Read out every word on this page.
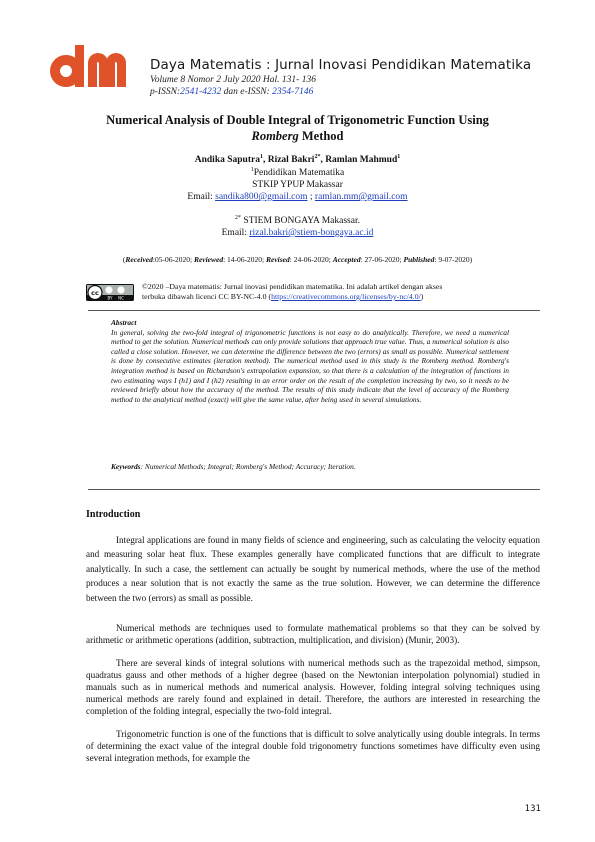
Daya Matematis : Jurnal Inovasi Pendidikan Matematika
Volume 8 Nomor 2 July 2020 Hal. 131- 136
p-ISSN:2541-4232 dan e-ISSN: 2354-7146
Numerical Analysis of Double Integral of Trigonometric Function Using
Romberg Method
Andika Saputra$^1$, Rizal Bakri$^{2*}$, Ramlan Mahmud$^1$
$^1$Pendidikan Matematika
STKIP YPUP Makassar
Email: sandika800@gmail.com ; ramlan.mm@gmail.com
$^{2*}$ STIEM BONGAYA Makassar.
Email: rizal.bakri@stiem-bongaya.ac.id
(Received:05-06-2020; Reviewed: 14-06-2020; Revised: 24-06-2020; Accepted: 27-06-2020; Published: 9-07-2020)
cc
BY NC
©2020 –Daya matematis: Jurnal inovasi pendidikan matematika. Ini adalah artikel dengan akses
terbuka dibawah licenci CC BY-NC-4.0 (https://creativecommons.org/licenses/by-nc/4.0/)
Abstract
In general, solving the two-fold integral of trigonometric functions is not easy to do analytically. Therefore, we need a numerical method to get the solution. Numerical methods can only provide solutions that approach true value. Thus, a numerical solution is also called a close solution. However, we can determine the difference between the two (errors) as small as possible. Numerical settlement is done by consecutive estimates (iteration method). The numerical method used in this study is the Romberg method. Romberg's integration method is based on Richardson's extrapolation expansion, so that there is a calculation of the integration of functions in two estimating ways I (h1) and I (h2) resulting in an error order on the result of the completion increasing by two, so it needs to be reviewed briefly about how the accuracy of the method. The results of this study indicate that the level of accuracy of the Romberg method to the analytical method (exact) will give the same value, after being used in several simulations.
Keywords: Numerical Methods; Integral; Romberg's Method; Accuracy; Iteration.
Introduction

Integral applications are found in many fields of science and engineering, such as calculating the velocity equation and measuring solar heat flux. These examples generally have complicated functions that are difficult to integrate analytically. In such a case, the settlement can actually be sought by numerical methods, where the use of the method produces a near solution that is not exactly the same as the true solution. However, we can determine the difference between the two (errors) as small as possible.

Numerical methods are techniques used to formulate mathematical problems so that they can be solved by arithmetic or arithmetic operations (addition, subtraction, multiplication, and division) (Munir, 2003).

There are several kinds of integral solutions with numerical methods such as the trapezoidal method, simpson, quadratus gauss and other methods of a higher degree (based on the Newtonian interpolation polynomial) studied in manuals such as in numerical methods and numerical analysis. However, folding integral solving techniques using numerical methods are rarely found and explained in detail. Therefore, the authors are interested in researching the completion of the folding integral, especially the two-fold integral.

Trigonometric function is one of the functions that is difficult to solve analytically using double integrals. In terms of determining the exact value of the integral double fold trigonometry functions sometimes have difficulty even using several integration methods, for example the

131
